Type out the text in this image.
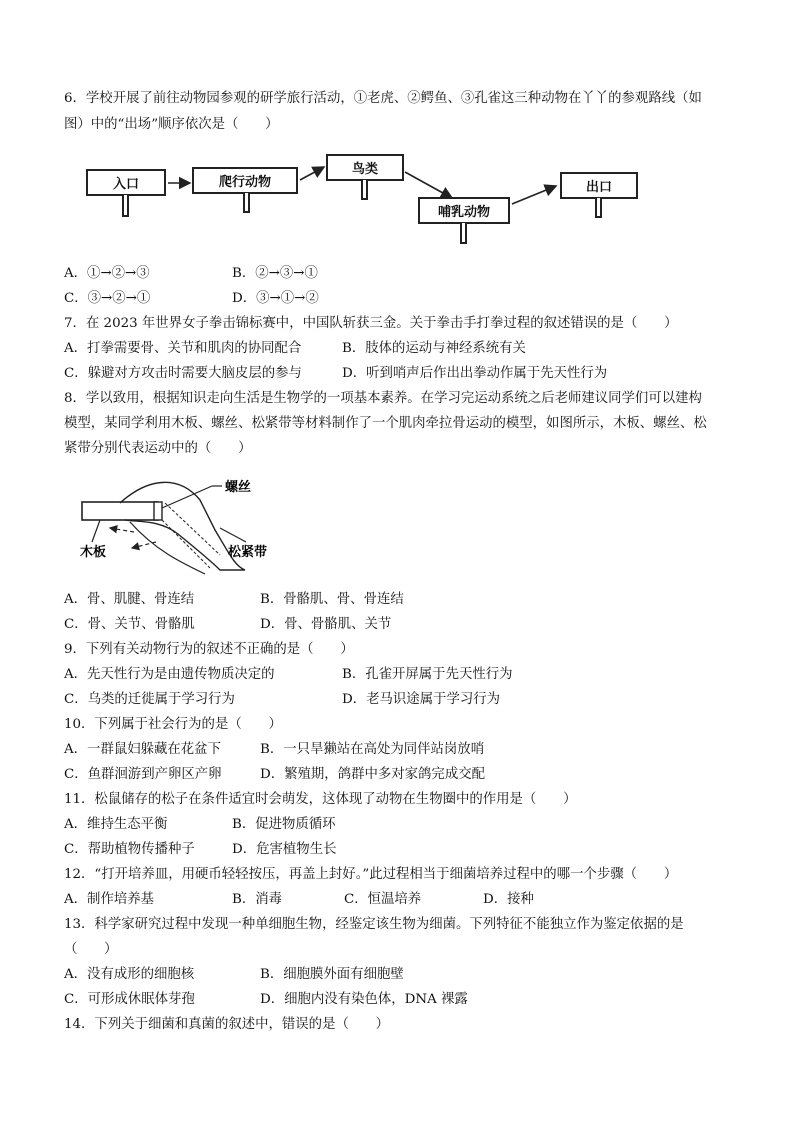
6．学校开展了前往动物园参观的研学旅行活动，①老虎、②鳄鱼、③孔雀这三种动物在丫丫的参观路线（如
图）中的“出场”顺序依次是（　　）
入口	爬行动物
鸟类
哺乳动物
出口
A．①→②→③	B．②→③→①
C．③→②→①	D．③→①→②
7．在 2023 年世界女子拳击锦标赛中，中国队斩获三金。关于拳击手打拳过程的叙述错误的是（　　）
A．打拳需要骨、关节和肌肉的协同配合	B．肢体的运动与神经系统有关
C．躲避对方攻击时需要大脑皮层的参与	D．听到哨声后作出出拳动作属于先天性行为
8．学以致用，根据知识走向生活是生物学的一项基本素养。在学习完运动系统之后老师建议同学们可以建构
模型，某同学利用木板、螺丝、松紧带等材料制作了一个肌肉牵拉骨运动的模型，如图所示，木板、螺丝、松
紧带分别代表运动中的（　　）
螺丝
木板	松紧带
A．骨、肌腱、骨连结	B．骨骼肌、骨、骨连结
C．骨、关节、骨骼肌	D．骨、骨骼肌、关节
9．下列有关动物行为的叙述不正确的是（　　）
A．先天性行为是由遗传物质决定的	B．孔雀开屏属于先天性行为
C．乌类的迁徙属于学习行为	D．老马识途属于学习行为
10．下列属于社会行为的是（　　）
A．一群鼠妇躲藏在花盆下	B．一只旱獭站在高处为同伴站岗放哨
C．鱼群洄游到产卵区产卵	D．繁殖期，鸽群中多对家鸽完成交配
11．松鼠储存的松子在条件适宜时会萌发，这体现了动物在生物圈中的作用是（　　）
A．维持生态平衡	B．促进物质循环
C．帮助植物传播种子	D．危害植物生长
12．“打开培养皿，用硬币轻轻按压，再盖上封好。”此过程相当于细菌培养过程中的哪一个步骤（　　）
A．制作培养基	B．消毒	C．恒温培养	D．接种
13．科学家研究过程中发现一种单细胞生物，经鉴定该生物为细菌。下列特征不能独立作为鉴定依据的是
（　　）
A．没有成形的细胞核	B．细胞膜外面有细胞壁
C．可形成休眠体芽孢	D．细胞内没有染色体，DNA 裸露
14．下列关于细菌和真菌的叙述中，错误的是（　　）
